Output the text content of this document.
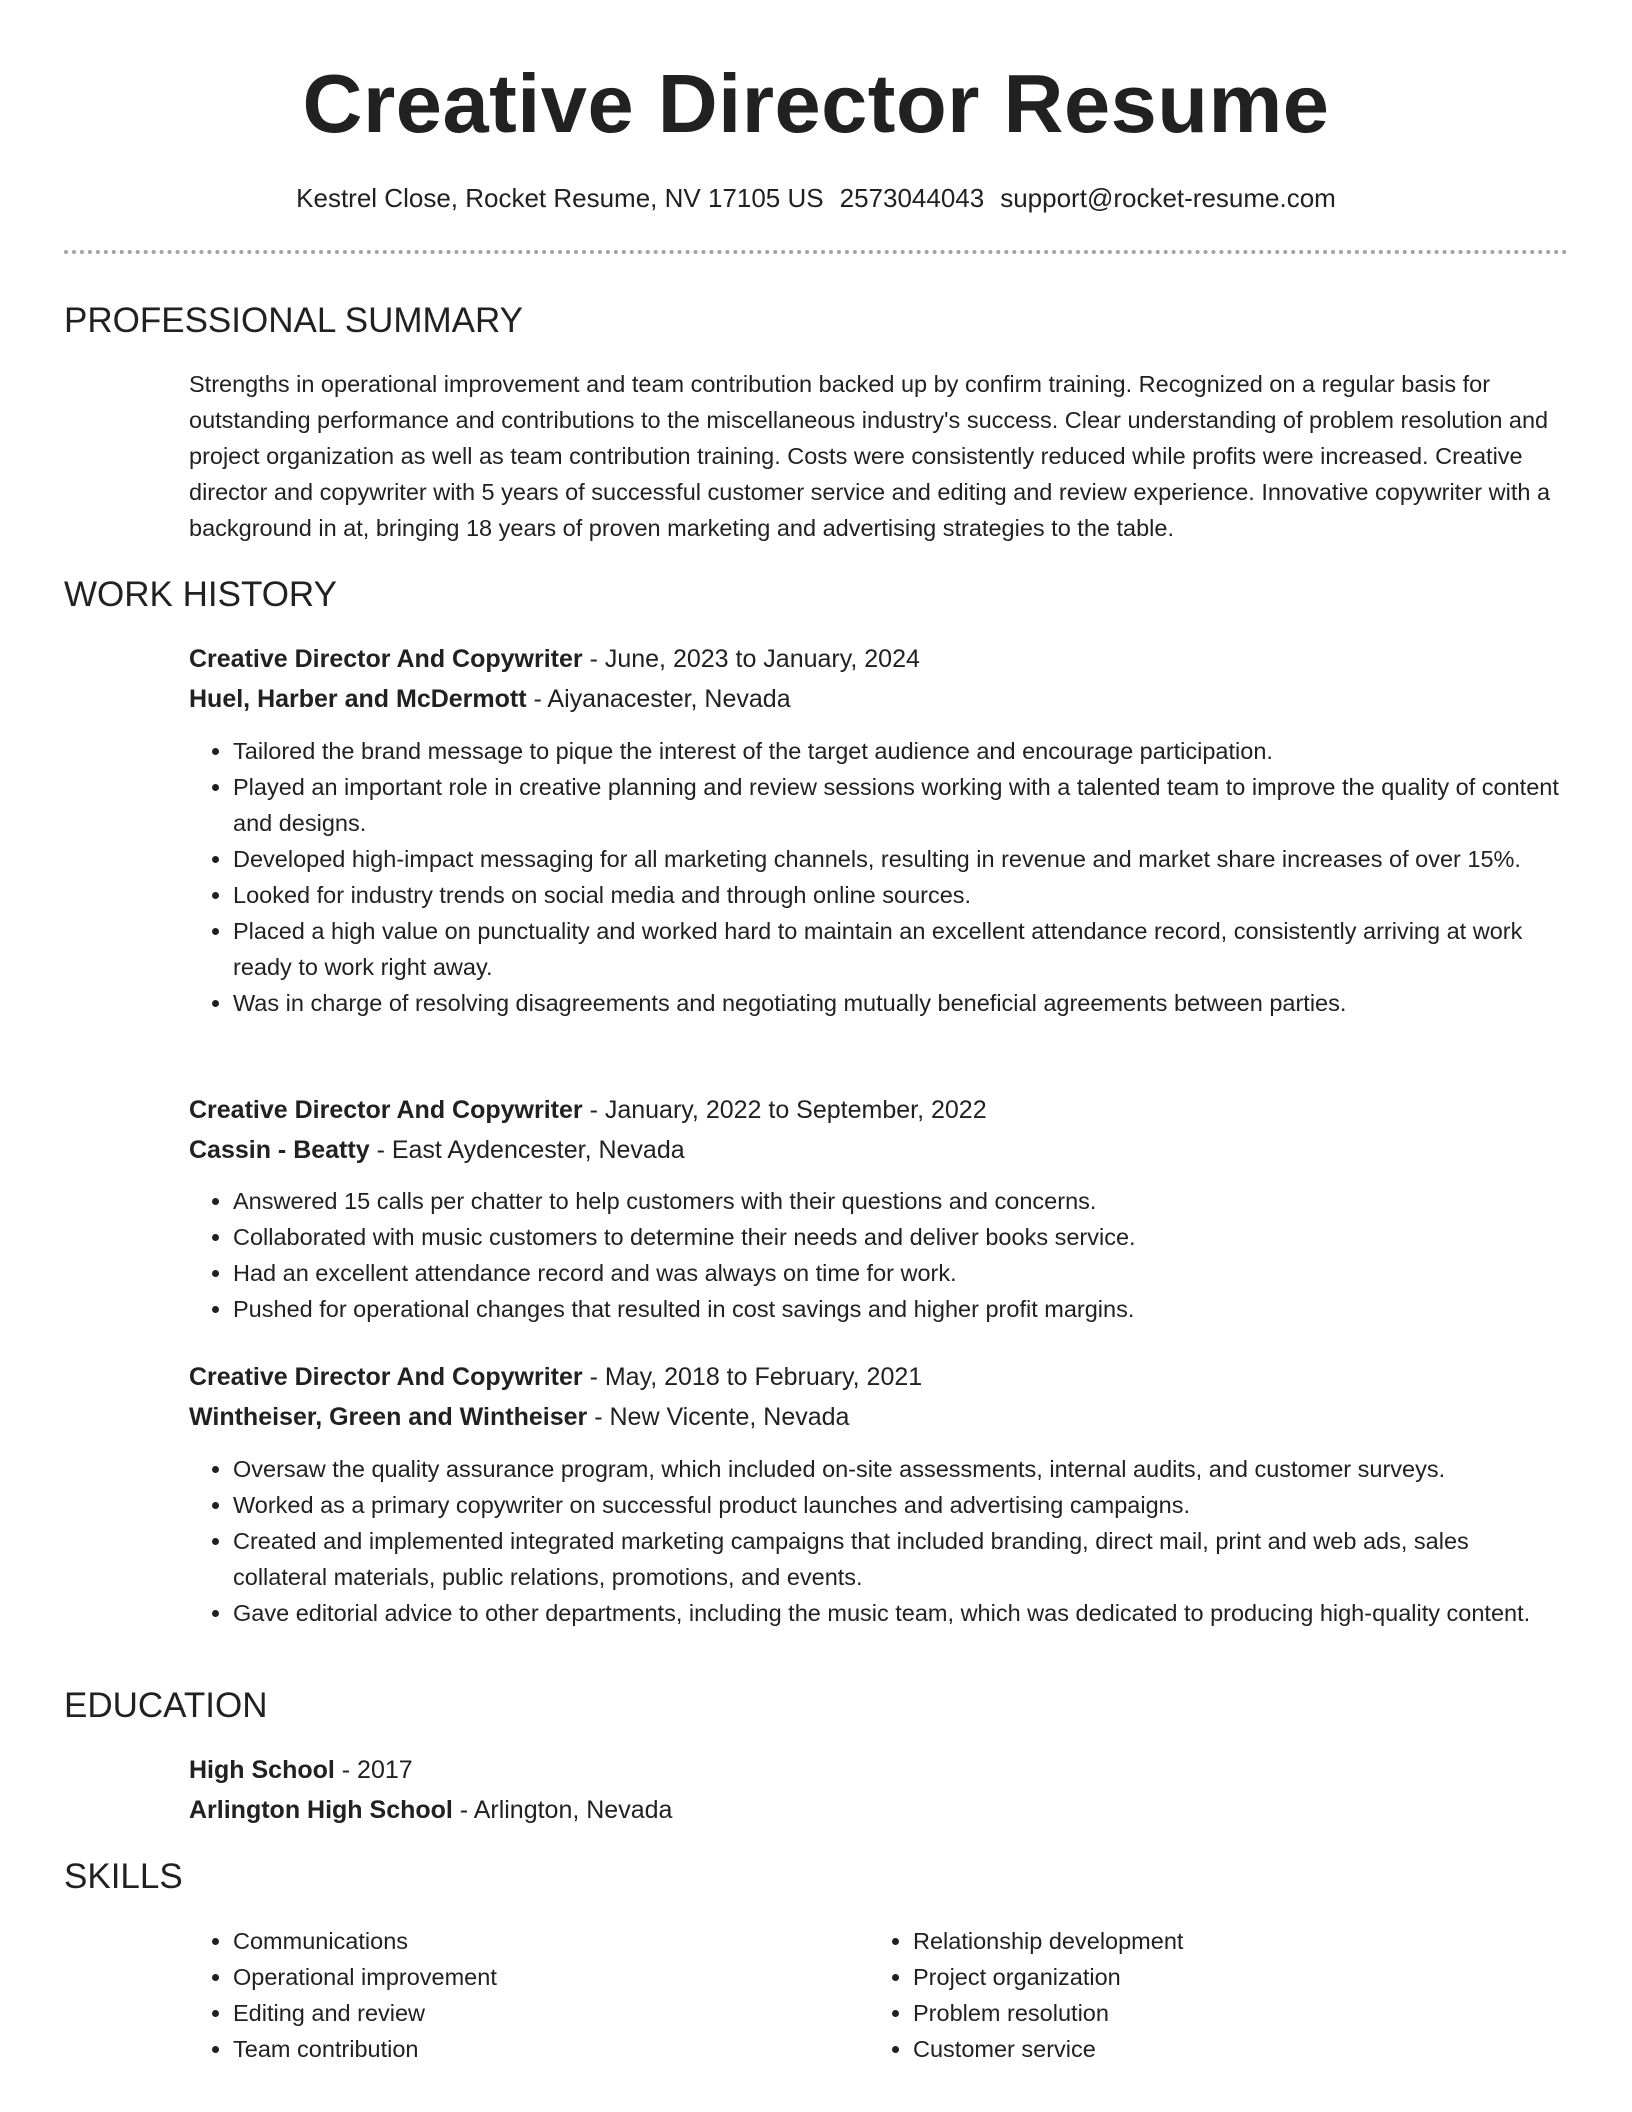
Creative Director Resume
Kestrel Close, Rocket Resume, NV 17105 US 2573044043 support@rocket-resume.com
PROFESSIONAL SUMMARY

Strengths in operational improvement and team contribution backed up by confirm training. Recognized on a regular basis for outstanding performance and contributions to the miscellaneous industry's success. Clear understanding of problem resolution and project organization as well as team contribution training. Costs were consistently reduced while profits were increased. Creative director and copywriter with 5 years of successful customer service and editing and review experience. Innovative copywriter with a background in at, bringing 18 years of proven marketing and advertising strategies to the table.

WORK HISTORY

Creative Director And Copywriter - June, 2023 to January, 2024

Huel, Harber and McDermott - Aiyanacester, Nevada

• Tailored the brand message to pique the interest of the target audience and encourage participation.
• Played an important role in creative planning and review sessions working with a talented team to improve the quality of content and designs.
• Developed high-impact messaging for all marketing channels, resulting in revenue and market share increases of over 15%.
• Looked for industry trends on social media and through online sources.
• Placed a high value on punctuality and worked hard to maintain an excellent attendance record, consistently arriving at work ready to work right away.
• Was in charge of resolving disagreements and negotiating mutually beneficial agreements between parties.

Creative Director And Copywriter - January, 2022 to September, 2022

Cassin - Beatty - East Aydencester, Nevada

• Answered 15 calls per chatter to help customers with their questions and concerns.
• Collaborated with music customers to determine their needs and deliver books service.
• Had an excellent attendance record and was always on time for work.
• Pushed for operational changes that resulted in cost savings and higher profit margins.

Creative Director And Copywriter - May, 2018 to February, 2021

Wintheiser, Green and Wintheiser - New Vicente, Nevada

• Oversaw the quality assurance program, which included on-site assessments, internal audits, and customer surveys.
• Worked as a primary copywriter on successful product launches and advertising campaigns.
• Created and implemented integrated marketing campaigns that included branding, direct mail, print and web ads, sales collateral materials, public relations, promotions, and events.
• Gave editorial advice to other departments, including the music team, which was dedicated to producing high-quality content.
EDUCATION

High School - 2017

Arlington High School - Arlington, Nevada

SKILLS
• Communications
• Operational improvement
• Editing and review
• Team contribution
• Relationship development
• Project organization
• Problem resolution
• Customer service
